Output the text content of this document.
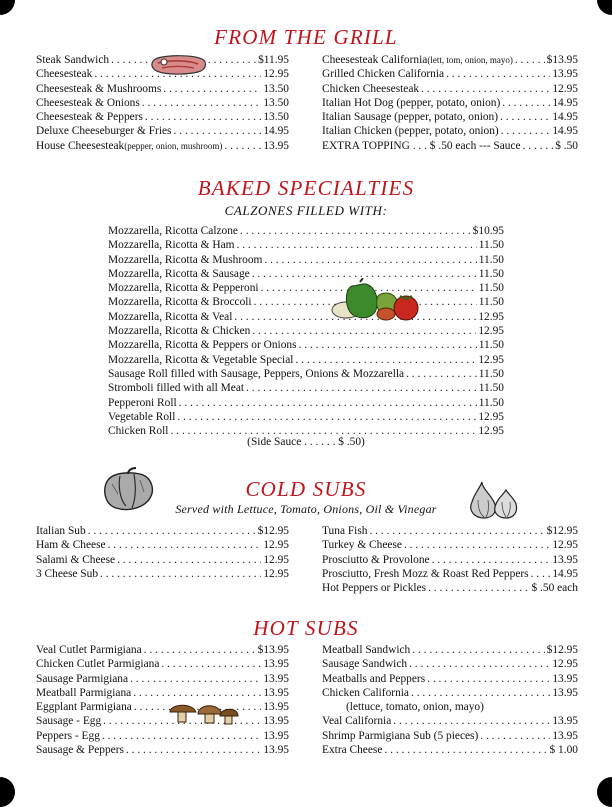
FROM THE GRILL
Steak Sandwich . . .	$11.95
Cheesesteak . . .	12.95
Cheesesteak & Mushrooms . . .	13.50
Cheesesteak & Onions . . .	13.50
Cheesesteak & Peppers . . .	13.50
Deluxe Cheeseburger & Fries . . .	14.95
House Cheesesteak (pepper, onion, mushroom) . . .	13.95
Cheesesteak California (lett, tom, onion, mayo) . . .	$13.95
Grilled Chicken California . . .	13.95
Chicken Cheesesteak . . .	12.95
Italian Hot Dog (pepper, potato, onion) . . .	14.95
Italian Sausage (pepper, potato, onion) . . .	14.95
Italian Chicken (pepper, potato, onion) . . .	14.95
EXTRA TOPPING . . . $ .50 each --- Sauce . . .	$ .50
BAKED SPECIALTIES
CALZONES FILLED WITH:
Mozzarella, Ricotta Calzone . . .	$10.95
Mozzarella, Ricotta & Ham . . .	11.50
Mozzarella, Ricotta & Mushroom . . .	11.50
Mozzarella, Ricotta & Sausage . . .	11.50
Mozzarella, Ricotta & Pepperoni . . .	11.50
Mozzarella, Ricotta & Broccoli . . .	11.50
Mozzarella, Ricotta & Veal . . .	12.95
Mozzarella, Ricotta & Chicken . . .	12.95
Mozzarella, Ricotta & Peppers or Onions . . .	11.50
Mozzarella, Ricotta & Vegetable Special . . .	12.95
Sausage Roll filled with Sausage, Peppers, Onions & Mozzarella . . .	11.50
Stromboli filled with all Meat . . .	11.50
Pepperoni Roll . . .	11.50
Vegetable Roll . . .	12.95
Chicken Roll . . .	12.95
(Side Sauce . . . . . . $ .50)
COLD SUBS
Served with Lettuce, Tomato, Onions, Oil & Vinegar
Italian Sub . . .	$12.95
Ham & Cheese . . .	12.95
Salami & Cheese . . .	12.95
3 Cheese Sub . . .	12.95
Tuna Fish . . .	$12.95
Turkey & Cheese . . .	12.95
Prosciutto & Provolone . . .	13.95
Prosciutto, Fresh Mozz & Roast Red Peppers . . . 14.95
Hot Peppers or Pickles . . .	$ .50 each
HOT SUBS
Veal Cutlet Parmigiana . . .	$13.95
Chicken Cutlet Parmigiana . . .	13.95
Sausage Parmigiana . . .	13.95
Meatball Parmigiana . . .	13.95
Eggplant Parmigiana . . .	13.95
Sausage - Egg . . .	13.95
Peppers - Egg . . .	13.95
Sausage & Peppers . . .	13.95
Meatball Sandwich . . .	$12.95
Sausage Sandwich . . .	12.95
Meatballs and Peppers . . .	13.95
Chicken California . . .	13.95
(lettuce, tomato, onion, mayo)
Veal California . . .	13.95
Shrimp Parmigiana Sub (5 pieces) . . .	13.95
Extra Cheese . . .	$ 1.00
